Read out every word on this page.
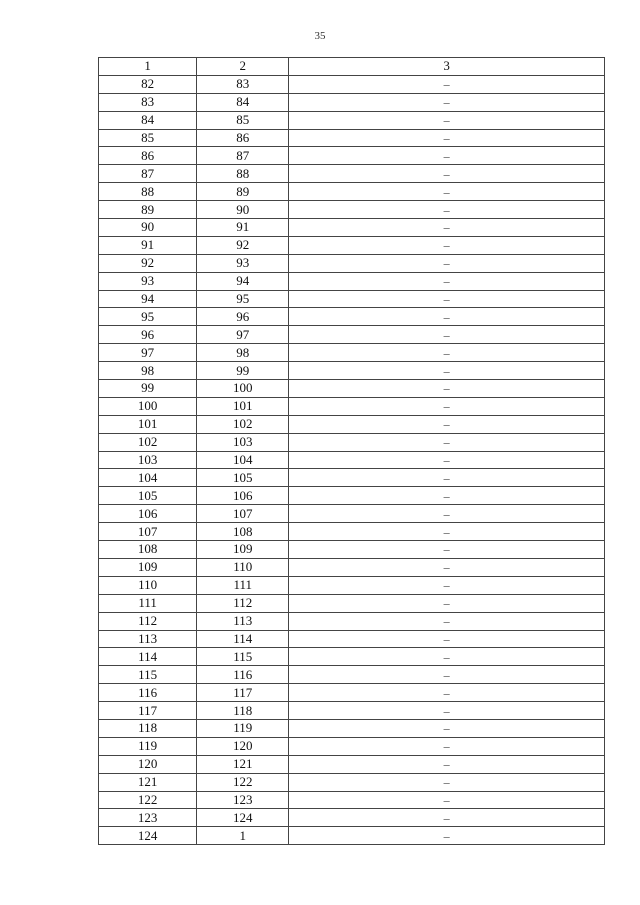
35
1	2	3
82	83	–
83	84	–
84	85	–
85	86	–
86	87	–
87	88	–
88	89	–
89	90	–
90	91	–
91	92	–
92	93	–
93	94	–
94	95	–
95	96	–
96	97	–
97	98	–
98	99	–
99	100	–
100	101	–
101	102	–
102	103	–
103	104	–
104	105	–
105	106	–
106	107	–
107	108	–
108	109	–
109	110	–
110	111	–
111	112	–
112	113	–
113	114	–
114	115	–
115	116	–
116	117	–
117	118	–
118	119	–
119	120	–
120	121	–
121	122	–
122	123	–
123	124	–
124	1	–
